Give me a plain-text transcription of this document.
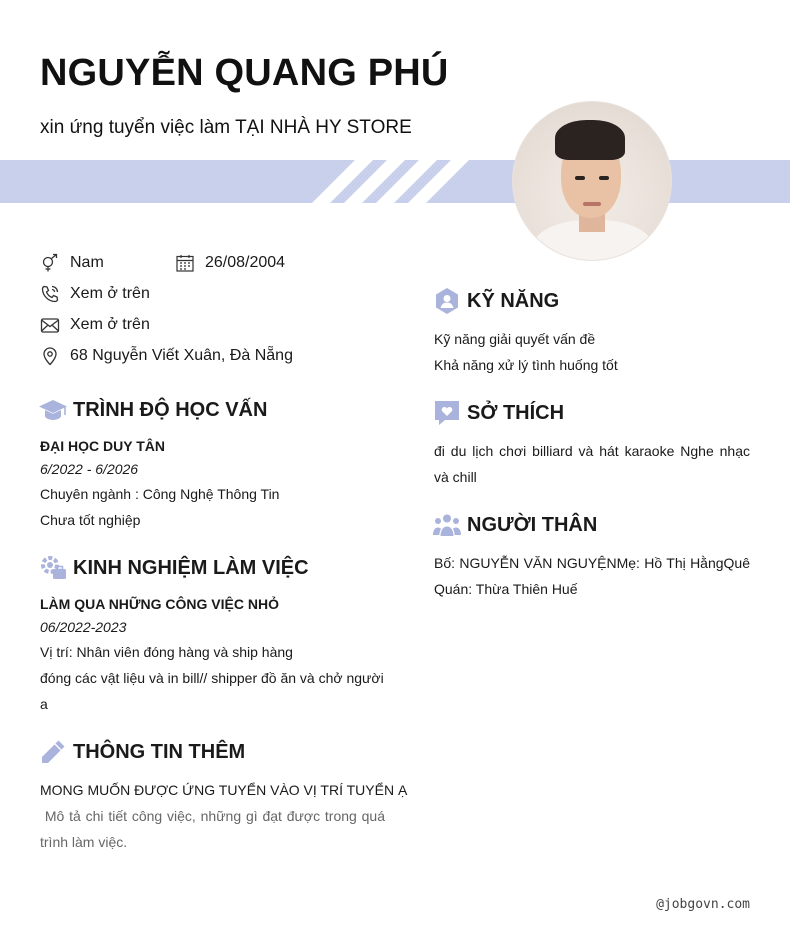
NGUYỄN QUANG PHÚ
xin ứng tuyển việc làm TẠI NHÀ HY STORE
Nam	26/08/2004
Xem ở trên
Xem ở trên
68 Nguyễn Viết Xuân, Đà Nẵng
TRÌNH ĐỘ HỌC VẤN
ĐẠI HỌC DUY TÂN
6/2022 - 6/2026
Chuyên ngành : Công Nghệ Thông Tin
Chưa tốt nghiệp
KINH NGHIỆM LÀM VIỆC
LÀM QUA NHỮNG CÔNG VIỆC NHỎ
06/2022-2023
Vị trí: Nhân viên đóng hàng và ship hàng
đóng các vật liệu và in bill// shipper đồ ăn và chở người a
THÔNG TIN THÊM
MONG MUỐN ĐƯỢC ỨNG TUYỂN VÀO VỊ TRÍ TUYỂN Ạ
Mô tả chi tiết công việc, những gì đạt được trong quá trình làm việc.
KỸ NĂNG
Kỹ năng giải quyết vấn đề
Khả năng xử lý tình huống tốt
SỞ THÍCH
đi du lịch chơi billiard và hát karaoke Nghe nhạc và chill
NGƯỜI THÂN
Bố: NGUYỄN VĂN NGUYỆNMẹ: Hồ Thị HằngQuê Quán: Thừa Thiên Huế
@jobgovn.com
